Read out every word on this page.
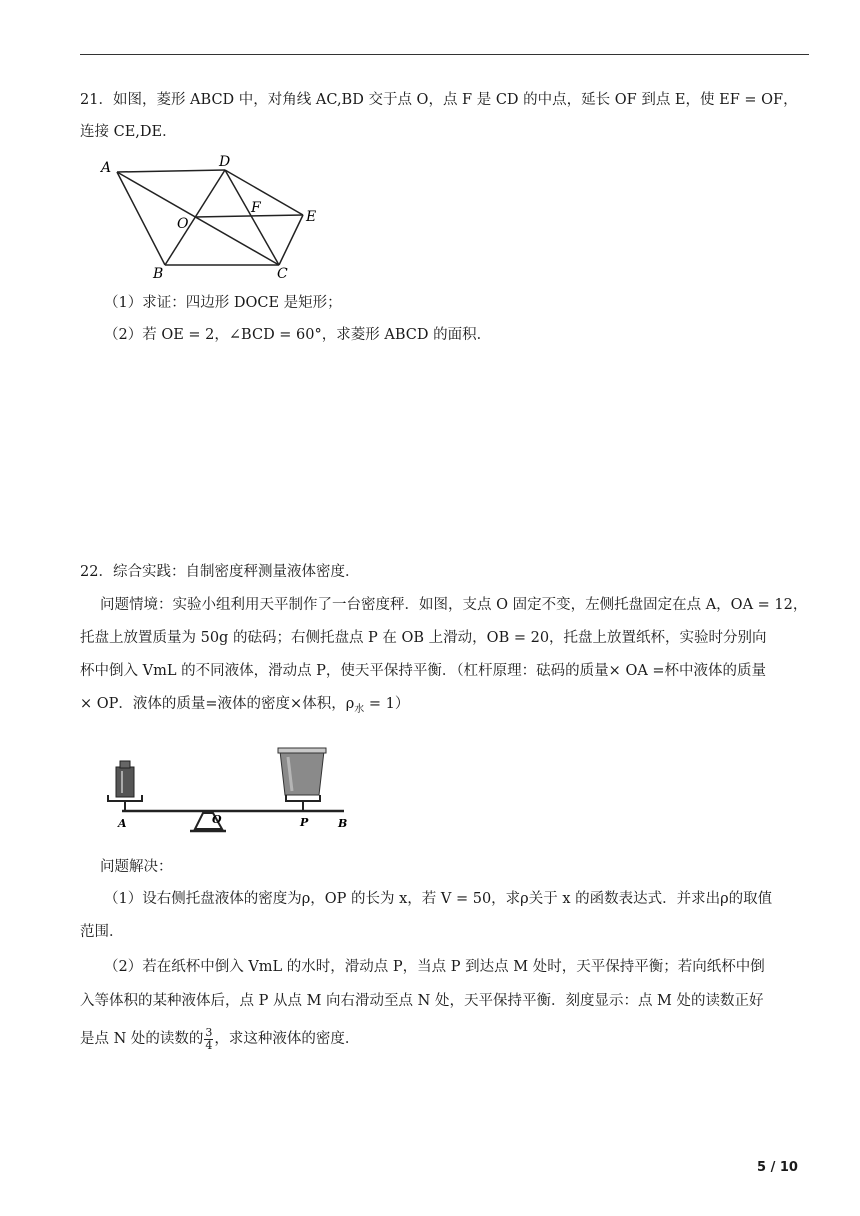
21．如图，菱形 ABCD 中，对角线 AC,BD 交于点 O，点 F 是 CD 的中点，延长 OF 到点 E，使 EF = OF，
连接 CE,DE．
A	D
O
F
E
B	C
（1）求证：四边形 DOCE 是矩形；
（2）若 OE = 2，∠BCD = 60°，求菱形 ABCD 的面积．
22．综合实践：自制密度秤测量液体密度．
问题情境：实验小组利用天平制作了一台密度秤．如图，支点 O 固定不变，左侧托盘固定在点 A，OA = 12，
托盘上放置质量为 50g 的砝码；右侧托盘点 P 在 OB 上滑动，OB = 20，托盘上放置纸杯，实验时分别向
杯中倒入 VmL 的不同液体，滑动点 P，使天平保持平衡．（杠杆原理：砝码的质量× OA =杯中液体的质量
× OP．液体的质量=液体的密度×体积，$\rho_水 = 1$）
A	O	P	B
问题解决：
（1）设右侧托盘液体的密度为ρ，OP 的长为 x，若 V = 50，求ρ关于 x 的函数表达式．并求出ρ的取值
范围．
（2）若在纸杯中倒入 VmL 的水时，滑动点 P，当点 P 到达点 M 处时，天平保持平衡；若向纸杯中倒
入等体积的某种液体后，点 P 从点 M 向右滑动至点 N 处，天平保持平衡．刻度显示：点 M 处的读数正好
是点 N 处的读数的 $\frac{3}{4}$ ，求这种液体的密度．
5 / 10
